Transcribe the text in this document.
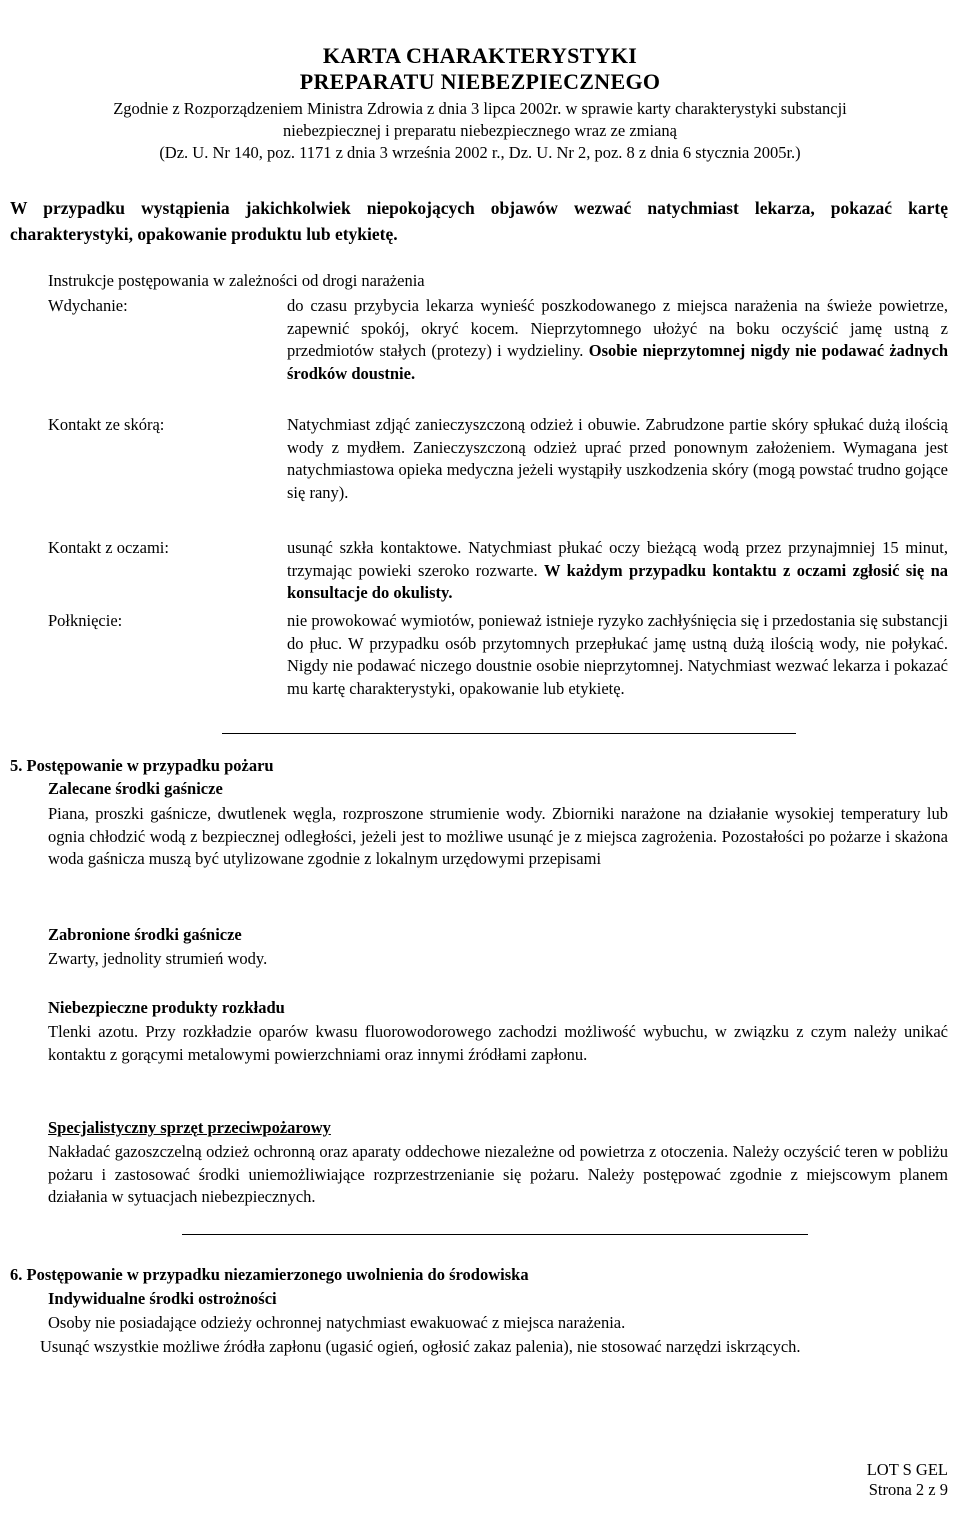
KARTA CHARAKTERYSTYKI
PREPARATU NIEBEZPIECZNEGO
Zgodnie z Rozporządzeniem Ministra Zdrowia z dnia 3 lipca 2002r. w sprawie karty charakterystyki substancji
niebezpiecznej i preparatu niebezpiecznego wraz ze zmianą
(Dz. U. Nr 140, poz. 1171 z dnia 3 września 2002 r., Dz. U. Nr 2, poz. 8 z dnia 6 stycznia 2005r.)
W przypadku wystąpienia jakichkolwiek niepokojących objawów wezwać natychmiast lekarza, pokazać kartę charakterystyki, opakowanie produktu lub etykietę.
Instrukcje postępowania w zależności od drogi narażenia
Wdychanie:	do czasu przybycia lekarza wynieść poszkodowanego z miejsca narażenia na świeże powietrze, zapewnić spokój, okryć kocem. Nieprzytomnego ułożyć na boku oczyścić jamę ustną z przedmiotów stałych (protezy) i wydzieliny. Osobie nieprzytomnej nigdy nie podawać żadnych środków doustnie.
Kontakt ze skórą:	Natychmiast zdjąć zanieczyszczoną odzież i obuwie. Zabrudzone partie skóry spłukać dużą ilością wody z mydłem. Zanieczyszczoną odzież uprać przed ponownym założeniem. Wymagana jest natychmiastowa opieka medyczna jeżeli wystąpiły uszkodzenia skóry (mogą powstać trudno gojące się rany).
Kontakt z oczami:	usunąć szkła kontaktowe. Natychmiast płukać oczy bieżącą wodą przez przynajmniej 15 minut, trzymając powieki szeroko rozwarte. W każdym przypadku kontaktu z oczami zgłosić się na konsultacje do okulisty.
Połknięcie:	nie prowokować wymiotów, ponieważ istnieje ryzyko zachłyśnięcia się i przedostania się substancji do płuc. W przypadku osób przytomnych przepłukać jamę ustną dużą ilością wody, nie połykać. Nigdy nie podawać niczego doustnie osobie nieprzytomnej. Natychmiast wezwać lekarza i pokazać mu kartę charakterystyki, opakowanie lub etykietę.
5. Postępowanie w przypadku pożaru
Zalecane środki gaśnicze
Piana, proszki gaśnicze, dwutlenek węgla, rozproszone strumienie wody. Zbiorniki narażone na działanie wysokiej temperatury lub ognia chłodzić wodą z bezpiecznej odległości, jeżeli jest to możliwe usunąć je z miejsca zagrożenia. Pozostałości po pożarze i skażona woda gaśnicza muszą być utylizowane zgodnie z lokalnym urzędowymi przepisami
Zabronione środki gaśnicze
Zwarty, jednolity strumień wody.
Niebezpieczne produkty rozkładu
Tlenki azotu. Przy rozkładzie oparów kwasu fluorowodorowego zachodzi możliwość wybuchu, w związku z czym należy unikać kontaktu z gorącymi metalowymi powierzchniami oraz innymi źródłami zapłonu.
Specjalistyczny sprzęt przeciwpożarowy
Nakładać gazoszczelną odzież ochronną oraz aparaty oddechowe niezależne od powietrza z otoczenia. Należy oczyścić teren w pobliżu pożaru i zastosować środki uniemożliwiające rozprzestrzenianie się pożaru. Należy postępować zgodnie z miejscowym planem działania w sytuacjach niebezpiecznych.
6. Postępowanie w przypadku niezamierzonego uwolnienia do środowiska
Indywidualne środki ostrożności
Osoby nie posiadające odzieży ochronnej natychmiast ewakuować z miejsca narażenia.
Usunąć wszystkie możliwe źródła zapłonu (ugasić ogień, ogłosić zakaz palenia), nie stosować narzędzi iskrzących.
LOT S GEL
Strona 2 z 9
